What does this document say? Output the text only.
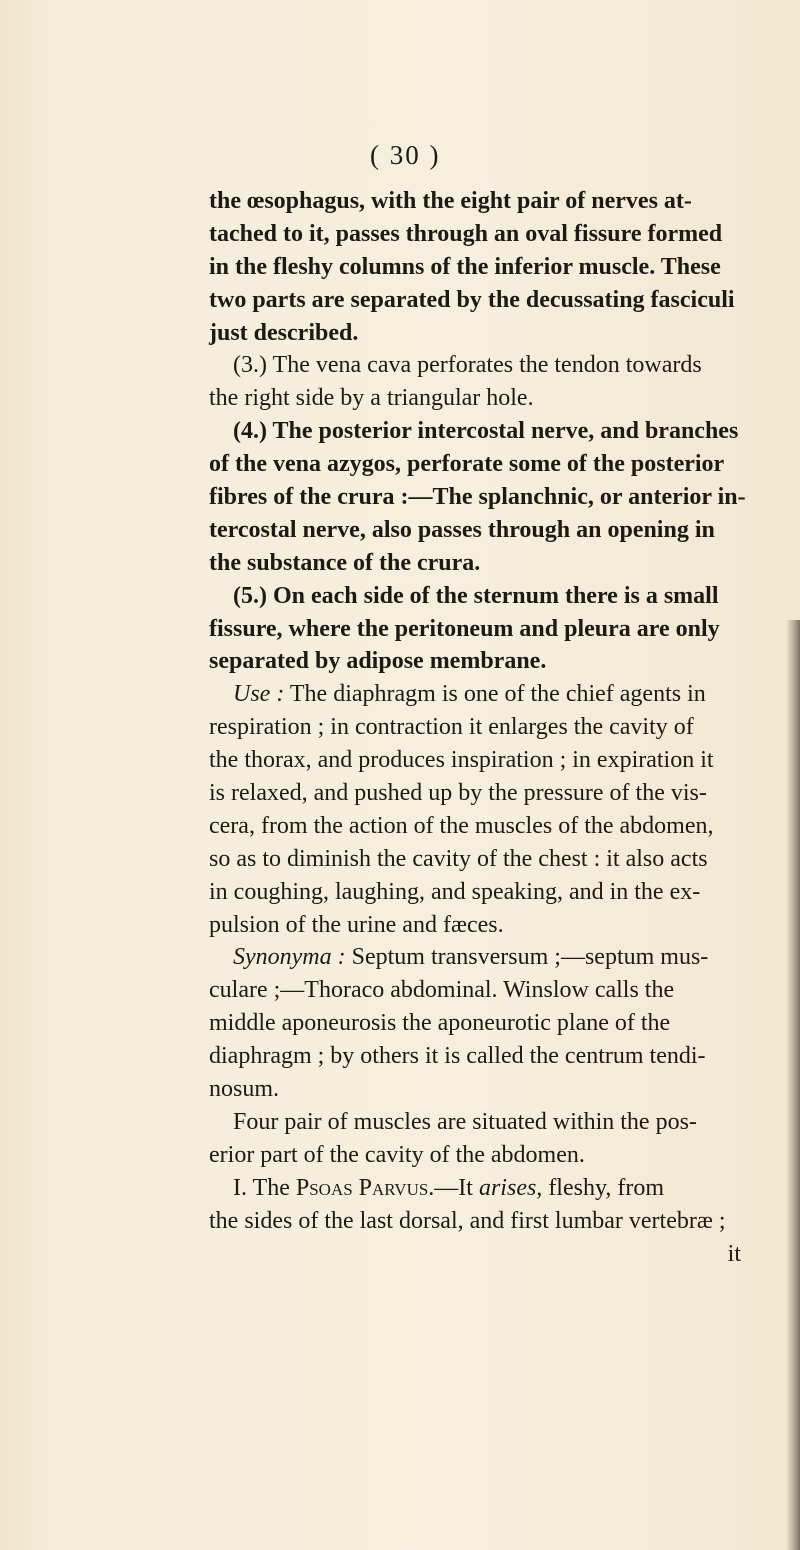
( 30 )
the œsophagus, with the eight pair of nerves at-
tached to it, passes through an oval fissure formed
in the fleshy columns of the inferior muscle. These
two parts are separated by the decussating fasciculi
just described.
(3.) The vena cava perforates the tendon towards
the right side by a triangular hole.
(4.) The posterior intercostal nerve, and branches
of the vena azygos, perforate some of the posterior
fibres of the crura :—The splanchnic, or anterior in-
tercostal nerve, also passes through an opening in
the substance of the crura.
(5.) On each side of the sternum there is a small
fissure, where the peritoneum and pleura are only
separated by adipose membrane.
Use : The diaphragm is one of the chief agents in
respiration ; in contraction it enlarges the cavity of
the thorax, and produces inspiration ; in expiration it
is relaxed, and pushed up by the pressure of the vis-
cera, from the action of the muscles of the abdomen,
so as to diminish the cavity of the chest : it also acts
in coughing, laughing, and speaking, and in the ex-
pulsion of the urine and fæces.
Synonyma : Septum transversum ;—septum mus-
culare ;—Thoraco abdominal. Winslow calls the
middle aponeurosis the aponeurotic plane of the
diaphragm ; by others it is called the centrum tendi-
nosum.
Four pair of muscles are situated within the pos-
erior part of the cavity of the abdomen.
I. The Psoas Parvus.—It arises, fleshy, from
the sides of the last dorsal, and first lumbar vertebræ ;
it
